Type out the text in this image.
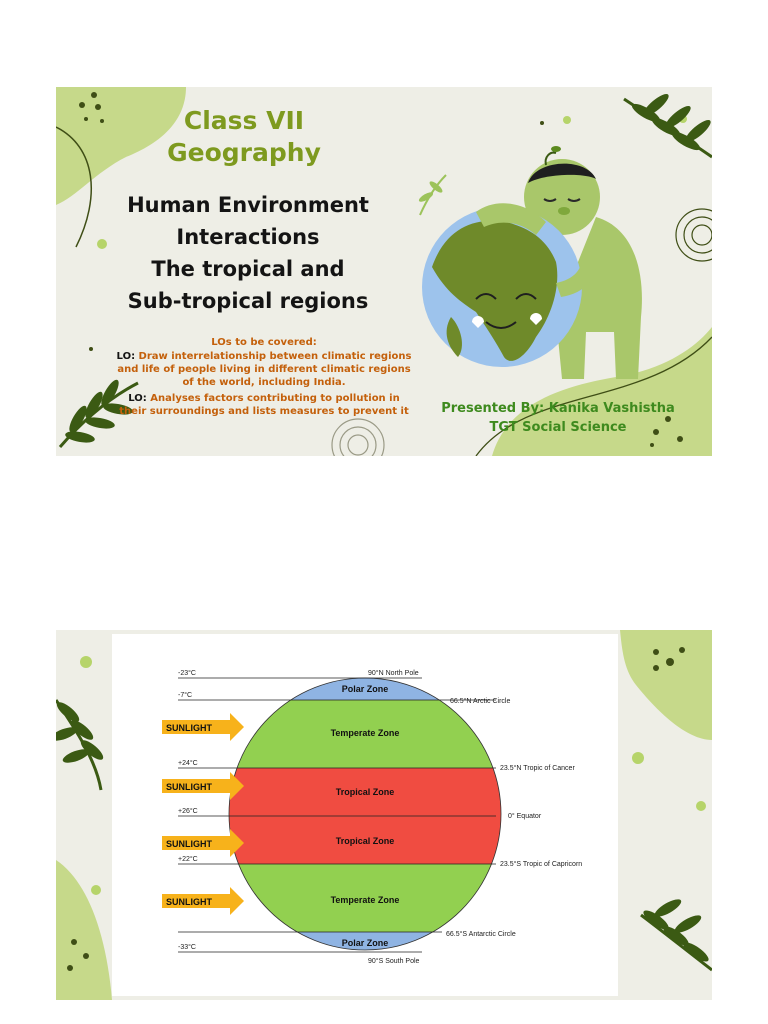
Class VII
Geography
Human Environment
Interactions
The tropical and
Sub-tropical regions
LOs to be covered:
LO: Draw interrelationship between climatic regions and life of people living in different climatic regions of the world, including India.
LO: Analyses factors contributing to pollution in their surroundings and lists measures to prevent it	Presented By: Kanika Vashistha
TGT Social Science
-23°C
-7°C
+24°C
+26°C
+22°C
-33°C
90°N North Pole
66.5°N Arctic Circle
23.5°N Tropic of Cancer
0° Equator
23.5°S Tropic of Capricorn
66.5°S Antarctic Circle
90°S South Pole
Polar Zone
Temperate Zone
Tropical Zone
Tropical Zone
Temperate Zone
Polar Zone
SUNLIGHT
SUNLIGHT
SUNLIGHT
SUNLIGHT
